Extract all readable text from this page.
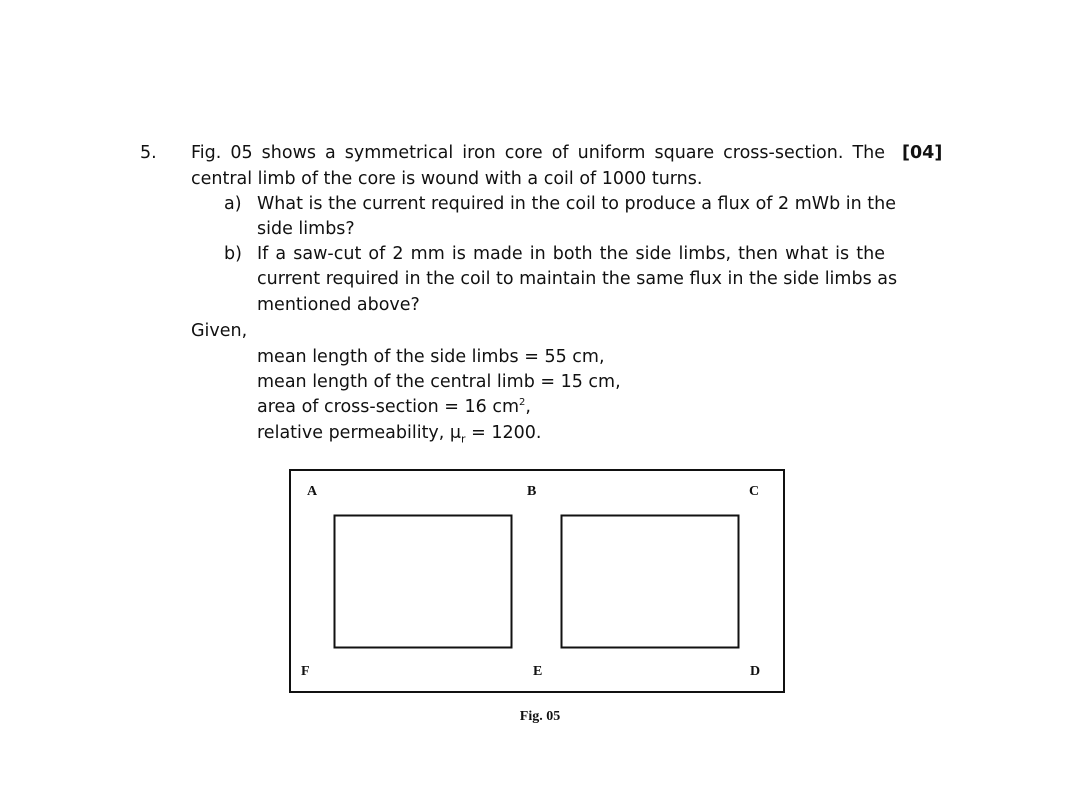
5. Fig. 05 shows a symmetrical iron core of uniform square cross-section. The [04]
central limb of the core is wound with a coil of 1000 turns.
a) What is the current required in the coil to produce a flux of 2 mWb in the
side limbs?
b) If a saw-cut of 2 mm is made in both the side limbs, then what is the
current required in the coil to maintain the same flux in the side limbs as
mentioned above?
Given,
mean length of the side limbs = 55 cm,
mean length of the central limb = 15 cm,
area of cross-section = 16 $cm^2$,
relative permeability, $\mu_r = 1200$.
A	B	C
F	E	D
Fig. 05
